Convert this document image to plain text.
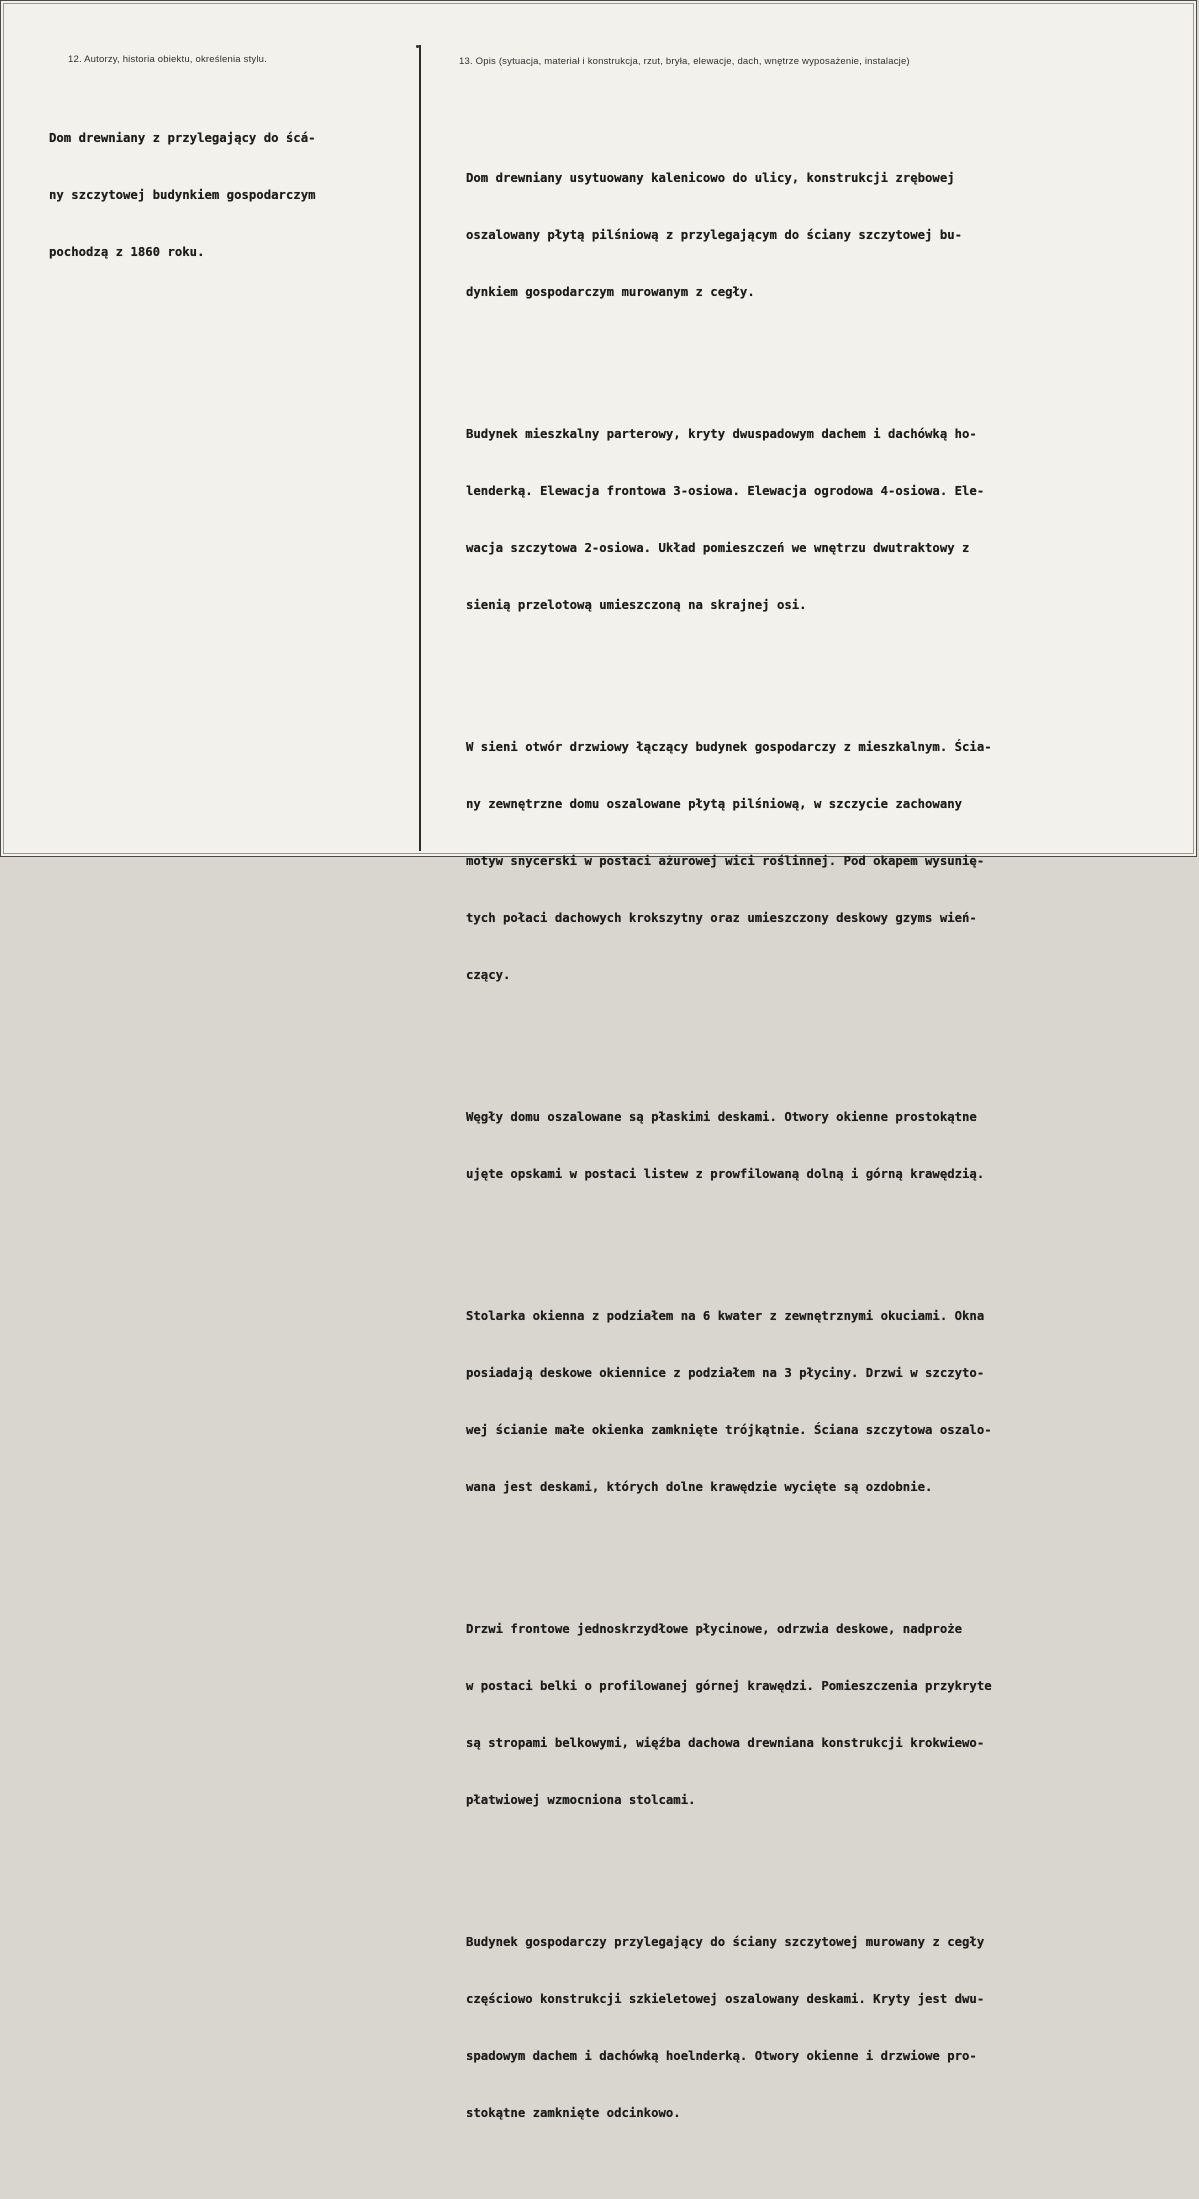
12. Autorzy, historia obiektu, określenia stylu.	13. Opis (sytuacja, materiał i konstrukcja, rzut, bryła, elewacje, dach, wnętrze wyposażenie, instalacje)

Dom drewniany z przylegający do ścá-

ny szczytowej budynkiem gospodarczym

pochodzą z 1860 roku.

Dom drewniany usytuowany kalenicowo do ulicy, konstrukcji zrębowej

oszalowany płytą pilśniową z przylegającym do ściany szczytowej bu-

dynkiem gospodarczym murowanym z cegły.

Budynek mieszkalny parterowy, kryty dwuspadowym dachem i dachówką ho-

lenderką. Elewacja frontowa 3-osiowa. Elewacja ogrodowa 4-osiowa. Ele-

wacja szczytowa 2-osiowa. Układ pomieszczeń we wnętrzu dwutraktowy z

sienią przelotową umieszczoną na skrajnej osi.

W sieni otwór drzwiowy łączący budynek gospodarczy z mieszkalnym. Ścia-

ny zewnętrzne domu oszalowane płytą pilśniową, w szczycie zachowany

motyw snycerski w postaci ażurowej wici roślinnej. Pod okapem wysunię-

tych połaci dachowych krokszytny oraz umieszczony deskowy gzyms wień-

czący.

Węgły domu oszalowane są płaskimi deskami. Otwory okienne prostokątne

ujęte opskami w postaci listew z prowfilowaną dolną i górną krawędzią.

Stolarka okienna z podziałem na 6 kwater z zewnętrznymi okuciami. Okna

posiadają deskowe okiennice z podziałem na 3 płyciny. Drzwi w szczyto-

wej ścianie małe okienka zamknięte trójkątnie. Ściana szczytowa oszalo-

wana jest deskami, których dolne krawędzie wycięte są ozdobnie.

Drzwi frontowe jednoskrzydłowe płycinowe, odrzwia deskowe, nadproże

w postaci belki o profilowanej górnej krawędzi. Pomieszczenia przykryte

są stropami belkowymi, więźba dachowa drewniana konstrukcji krokwiewo-

płatwiowej wzmocniona stolcami.

Budynek gospodarczy przylegający do ściany szczytowej murowany z cegły

częściowo konstrukcji szkieletowej oszalowany deskami. Kryty jest dwu-

spadowym dachem i dachówką hoelnderką. Otwory okienne i drzwiowe pro-

stokątne zamknięte odcinkowo.
